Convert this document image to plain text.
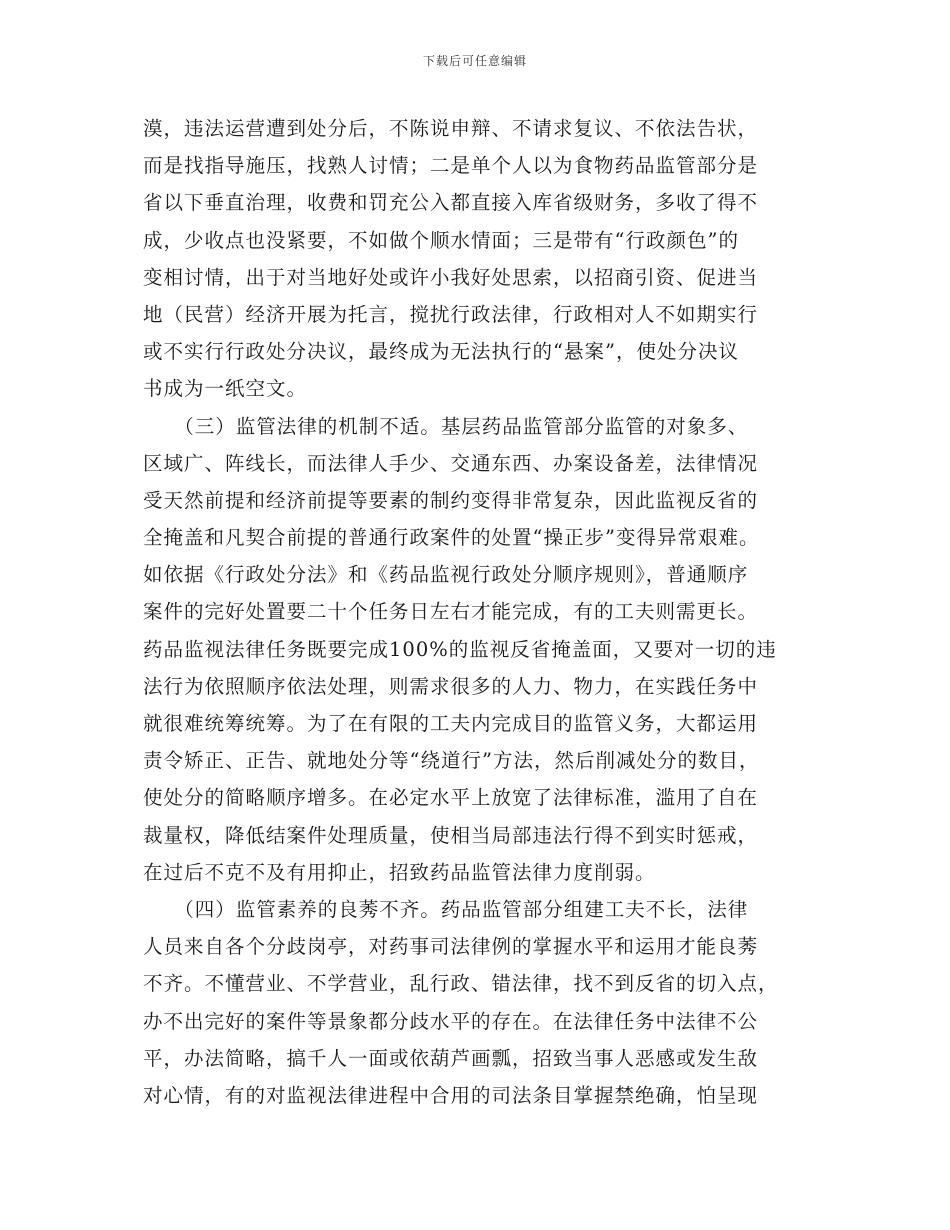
下载后可任意编辑
漠，违法运营遭到处分后，不陈说申辩、不请求复议、不依法告状，
而是找指导施压，找熟人讨情；二是单个人以为食物药品监管部分是
省以下垂直治理，收费和罚充公入都直接入库省级财务，多收了得不
成，少收点也没紧要，不如做个顺水情面；三是带有“行政颜色”的
变相讨情，出于对当地好处或许小我好处思索，以招商引资、促进当
地（民营）经济开展为托言，搅扰行政法律，行政相对人不如期实行
或不实行行政处分决议，最终成为无法执行的“悬案”，使处分决议
书成为一纸空文。
　　（三）监管法律的机制不适。基层药品监管部分监管的对象多、
区域广、阵线长，而法律人手少、交通东西、办案设备差，法律情况
受天然前提和经济前提等要素的制约变得非常复杂，因此监视反省的
全掩盖和凡契合前提的普通行政案件的处置“操正步”变得异常艰难。
如依据《行政处分法》和《药品监视行政处分顺序规则》，普通顺序
案件的完好处置要二十个任务日左右才能完成，有的工夫则需更长。
药品监视法律任务既要完成100%的监视反省掩盖面，又要对一切的违
法行为依照顺序依法处理，则需求很多的人力、物力，在实践任务中
就很难统筹统筹。为了在有限的工夫内完成目的监管义务，大都运用
责令矫正、正告、就地处分等“绕道行”方法，然后削减处分的数目，
使处分的简略顺序增多。在必定水平上放宽了法律标准，滥用了自在
裁量权，降低结案件处理质量，使相当局部违法行得不到实时惩戒，
在过后不克不及有用抑止，招致药品监管法律力度削弱。
　　（四）监管素养的良莠不齐。药品监管部分组建工夫不长，法律
人员来自各个分歧岗亭，对药事司法律例的掌握水平和运用才能良莠
不齐。不懂营业、不学营业，乱行政、错法律，找不到反省的切入点，
办不出完好的案件等景象都分歧水平的存在。在法律任务中法律不公
平，办法简略，搞千人一面或依葫芦画瓢，招致当事人恶感或发生敌
对心情，有的对监视法律进程中合用的司法条目掌握禁绝确，怕呈现
